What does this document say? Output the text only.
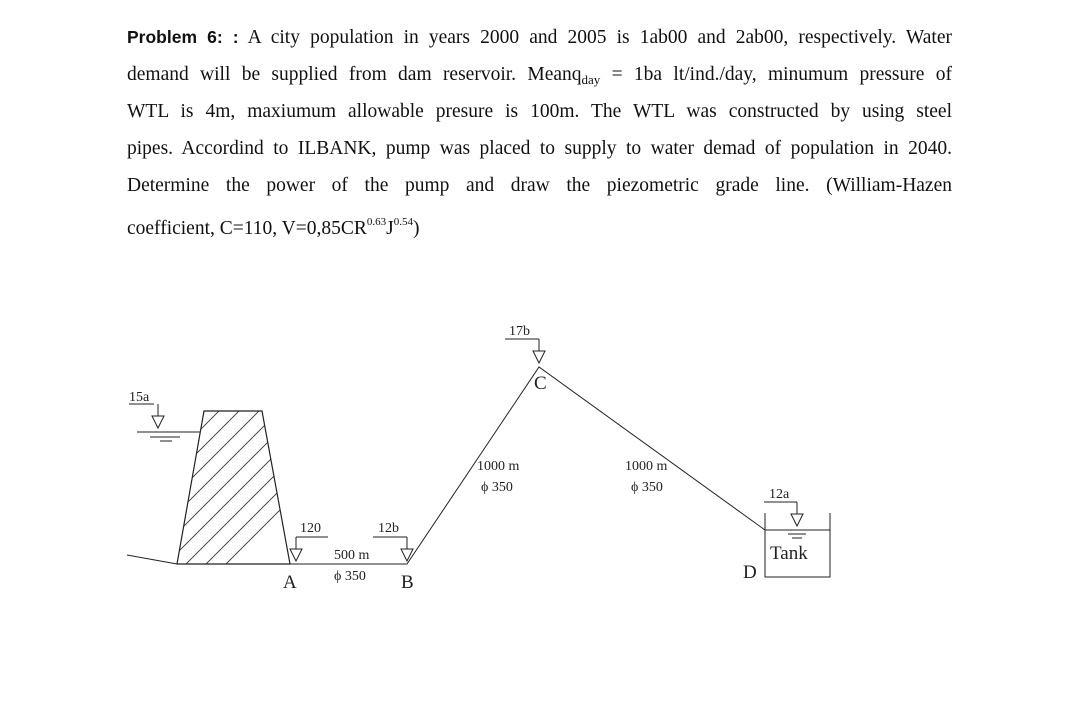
Problem 6: : A city population in years 2000 and 2005 is 1ab00 and 2ab00, respectively. Water

demand will be supplied from dam reservoir. Meanq$_{day}$ = 1ba lt/ind./day, minumum pressure of

WTL is 4m, maxiumum allowable presure is 100m. The WTL was constructed by using steel

pipes. Accordind to ILBANK, pump was placed to supply to water demad of population in 2040.

Determine the power of the pump and draw the piezometric grade line. (William-Hazen

coefficient, C=110, $V=0,85CR^{0.63}J^{0.54}$)

15a
120
A
12b
B
17b
C
12a
Tank
D
500 m
ϕ 350
1000 m
ϕ 350
1000 m
ϕ 350
